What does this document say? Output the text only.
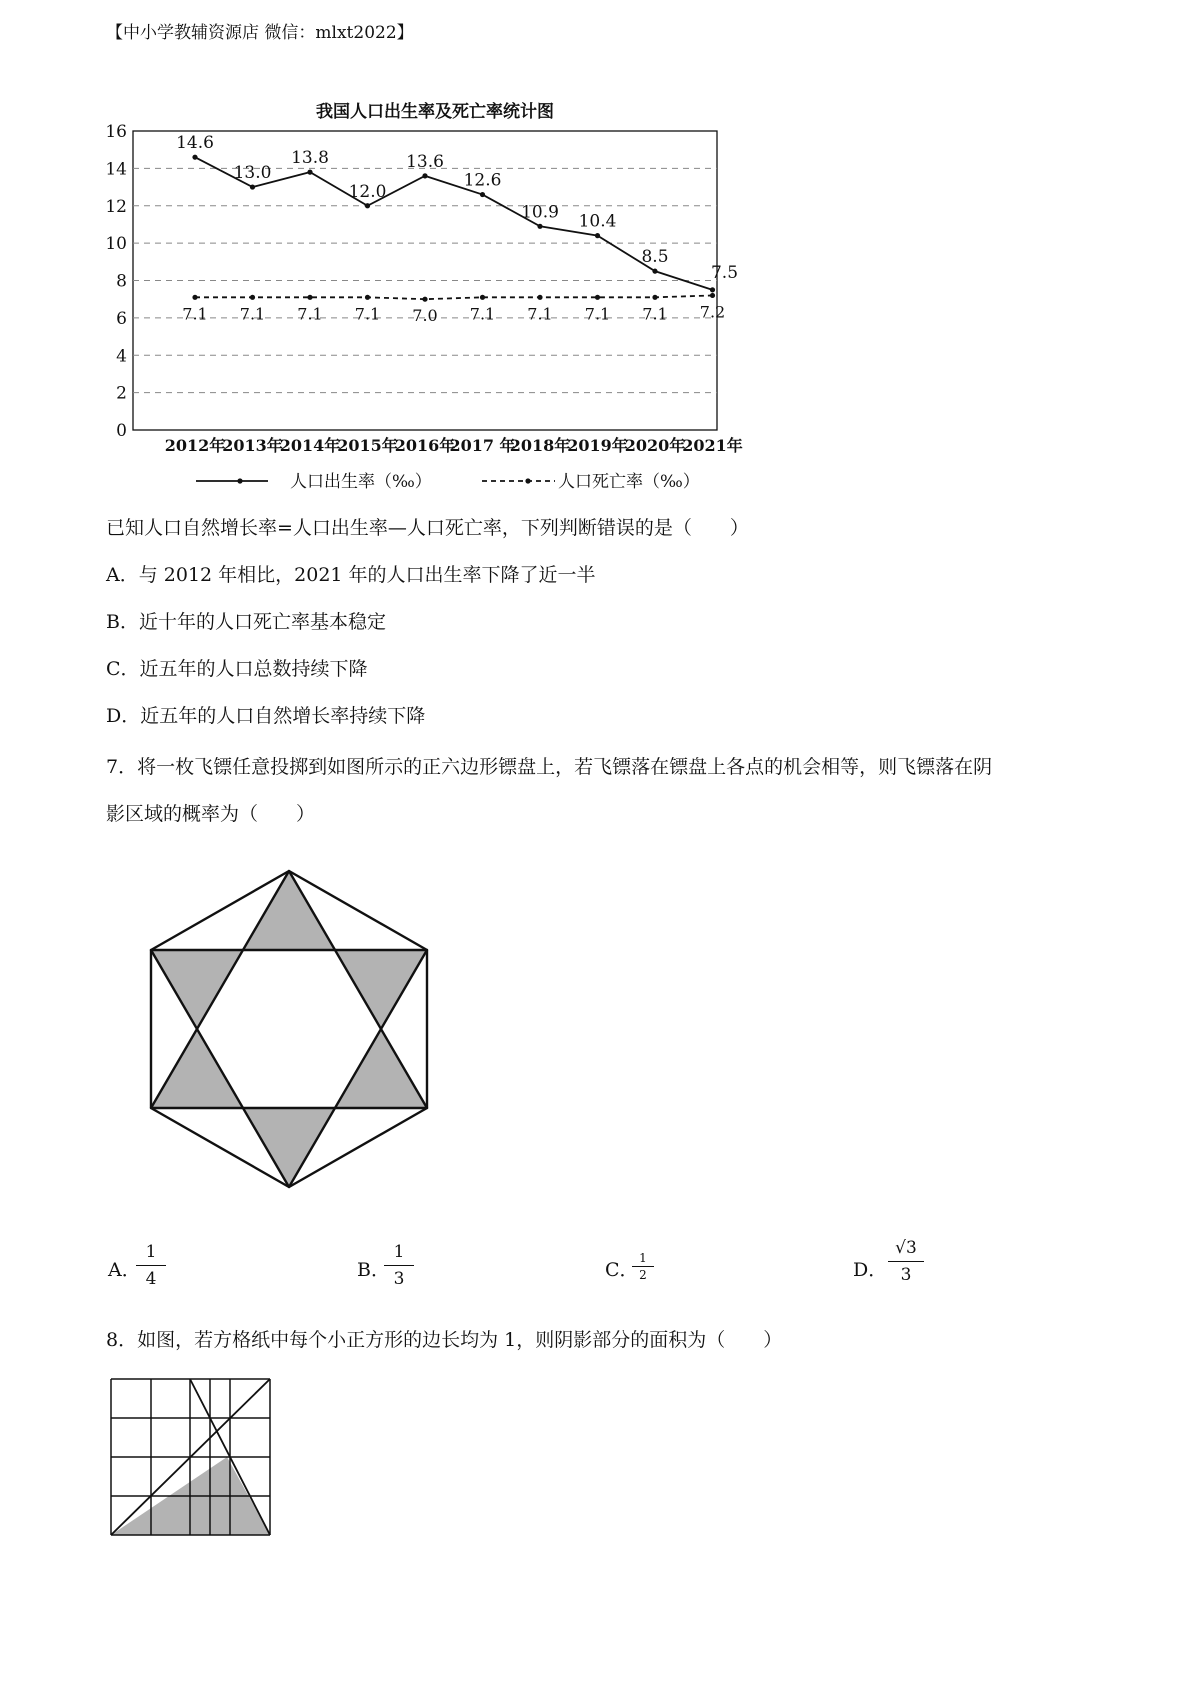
【中小学教辅资源店 微信：mlxt2022】
我国人口出生率及死亡率统计图
0
2
4
6
8
10
12
14
16
2012年
2013年
2014年
2015年
2016年
2017 年
2018年
2019年
2020年
2021年
14.6
13.0
13.8
12.0
13.6
12.6
10.9 10.4
8.5
7.5
7.1 7.1 7.1 7.1 7.0 7.1 7.1 7.1 7.1 7.2
人口出生率（‰）	人口死亡率（‰）
已知人口自然增长率=人口出生率—人口死亡率，下列判断错误的是（　　）
A．与 2012 年相比，2021 年的人口出生率下降了近一半
B．近十年的人口死亡率基本稳定
C．近五年的人口总数持续下降
D．近五年的人口自然增长率持续下降
7．将一枚飞镖任意投掷到如图所示的正六边形镖盘上，若飞镖落在镖盘上各点的机会相等，则飞镖落在阴
影区域的概率为（　　）
A．
1
4	B．
1
3	C．
1
2	D．
√3
3
8．如图，若方格纸中每个小正方形的边长均为 1，则阴影部分的面积为（　　）
